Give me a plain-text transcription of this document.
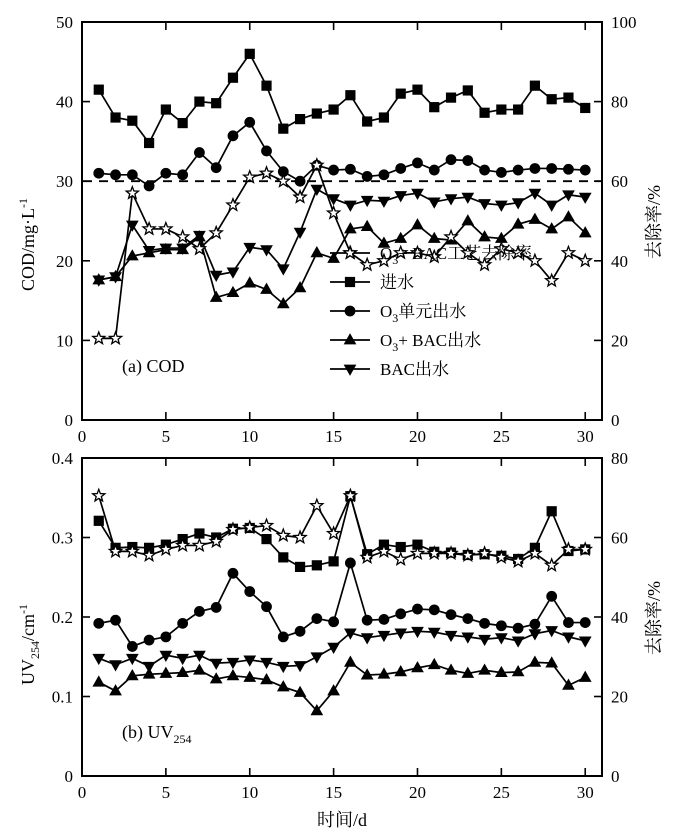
0	5	10	15	20	25	30
0
10
20
30
40
50
0
20
40
60
80
100
COD/$mg\cdot L^{-1}$	去除率/%
(a) COD
$O_3+$ BAC工艺去除率
进水
$O_3$单元出水
$O_3+$ BAC出水
BAC出水
0	5	10	15	20	25	30
0
0.1
0.2
0.3
0.4
0
20
40
60
80
$UV_{254}/cm^{-1}$	去除率/%
(b) $UV_{254}$
时间/d
